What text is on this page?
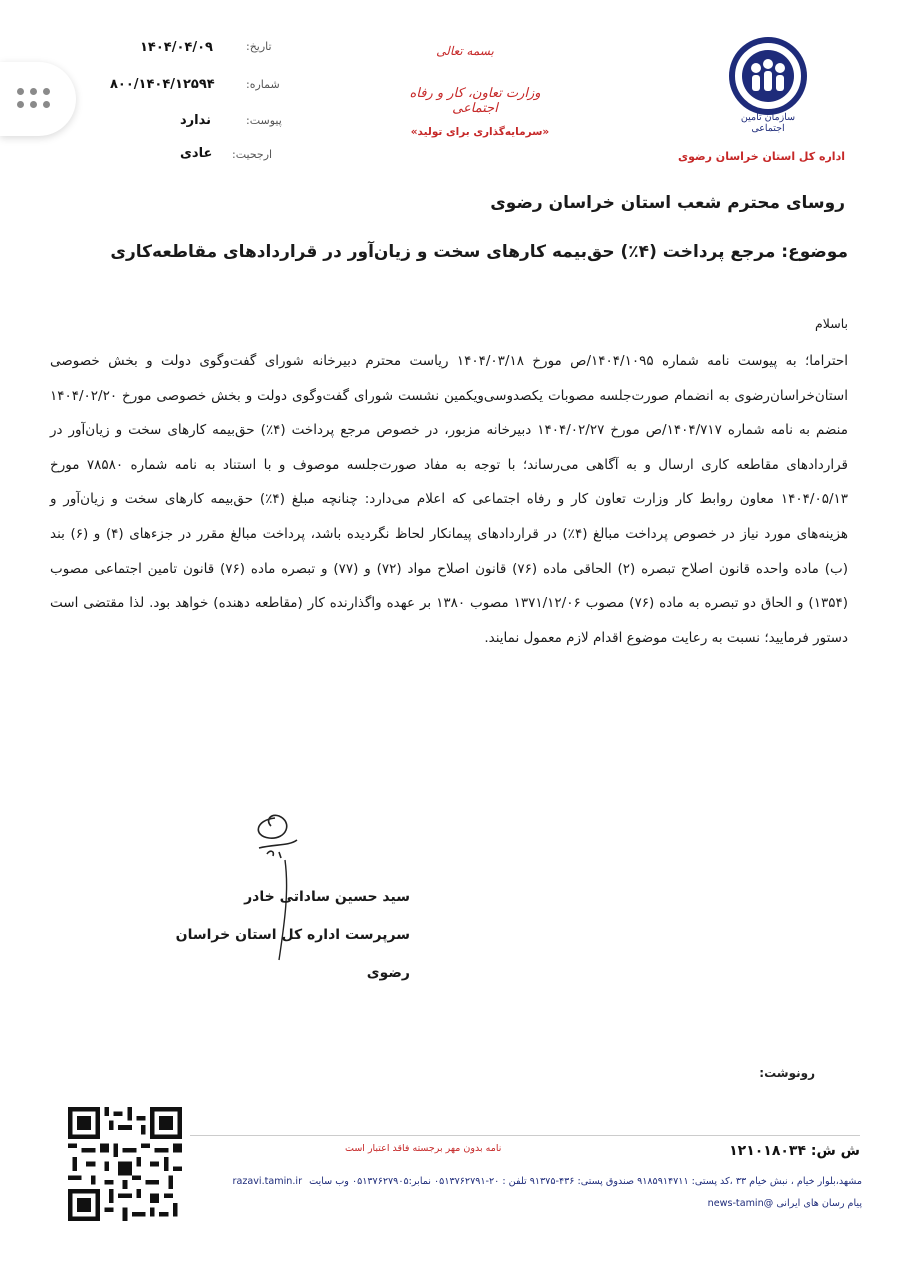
سازمان تامین اجتماعی
اداره کل استان خراسان رضوی
بسمه تعالی
وزارت تعاون، کار و رفاه اجتماعی
«سرمایه‌گذاری برای تولید»
تاریخ:
۱۴۰۴/۰۴/۰۹
شماره:
۸۰۰/۱۴۰۴/۱۲۵۹۴
پیوست:
ندارد
ارجحیت:
عادی
روسای محترم شعب استان خراسان رضوی
موضوع: مرجع پرداخت (۴٪) حق‌بیمه کارهای سخت و زیان‌آور در قراردادهای مقاطعه‌کاری
باسلام
احتراما؛ به پیوست نامه شماره ۱۴۰۴/۱۰۹۵/ص مورخ ۱۴۰۴/۰۳/۱۸ ریاست محترم دبیرخانه شورای گفت‌وگوی دولت و بخش خصوصی استان‌خراسان‌رضوی به انضمام صورت‌جلسه مصوبات یکصدوسی‌ویکمین نشست شورای گفت‌وگوی دولت و بخش خصوصی مورخ ۱۴۰۴/۰۲/۲۰ منضم به نامه شماره ۱۴۰۴/۷۱۷/ص مورخ ۱۴۰۴/۰۲/۲۷ دبیرخانه مزبور، در خصوص مرجع پرداخت (۴٪) حق‌بیمه کارهای سخت و زیان‌آور در قراردادهای مقاطعه کاری ارسال و به آگاهی می‌رساند؛ با توجه به مفاد صورت‌جلسه موصوف و با استناد به نامه شماره ۷۸۵۸۰ مورخ ۱۴۰۴/۰۵/۱۳ معاون روابط کار وزارت تعاون کار و رفاه اجتماعی که اعلام می‌دارد: چنانچه مبلغ (۴٪) حق‌بیمه کارهای سخت و زیان‌آور و هزینه‌های مورد نیاز در خصوص پرداخت مبالغ (۴٪) در قراردادهای پیمانکار لحاظ نگردیده باشد، پرداخت مبالغ مقرر در جزءهای (۴) و (۶) بند (ب) ماده واحده قانون اصلاح تبصره (۲) الحاقی ماده (۷۶) قانون اصلاح مواد (۷۲) و (۷۷) و تبصره ماده (۷۶) قانون تامین اجتماعی مصوب (۱۳۵۴) و الحاق دو تبصره به ماده (۷۶) مصوب ۱۳۷۱/۱۲/۰۶ مصوب ۱۳۸۰ بر عهده واگذارنده کار (مقاطعه دهنده) خواهد بود. لذا مقتضی است دستور فرمایید؛ نسبت به رعایت موضوع اقدام لازم معمول نمایند.
سید حسین ساداتی خادر
سرپرست اداره کل استان خراسان
رضوی
رونوشت:
ش ش: ۱۲۱۰۱۸۰۳۴
نامه بدون مهر برجسته فاقد اعتبار است
مشهد،بلوار خیام ، نبش خیام ۳۳ ،کد پستی: ۹۱۸۵۹۱۴۷۱۱ صندوق پستی: ۴۳۶-۹۱۳۷۵ تلفن : ۲۰-۰۵۱۳۷۶۲۷۹۱ نمابر:۰۵۱۳۷۶۲۷۹۰۵ وب سایت razavi.tamin.ir
پیام رسان های ایرانی @news-tamin
